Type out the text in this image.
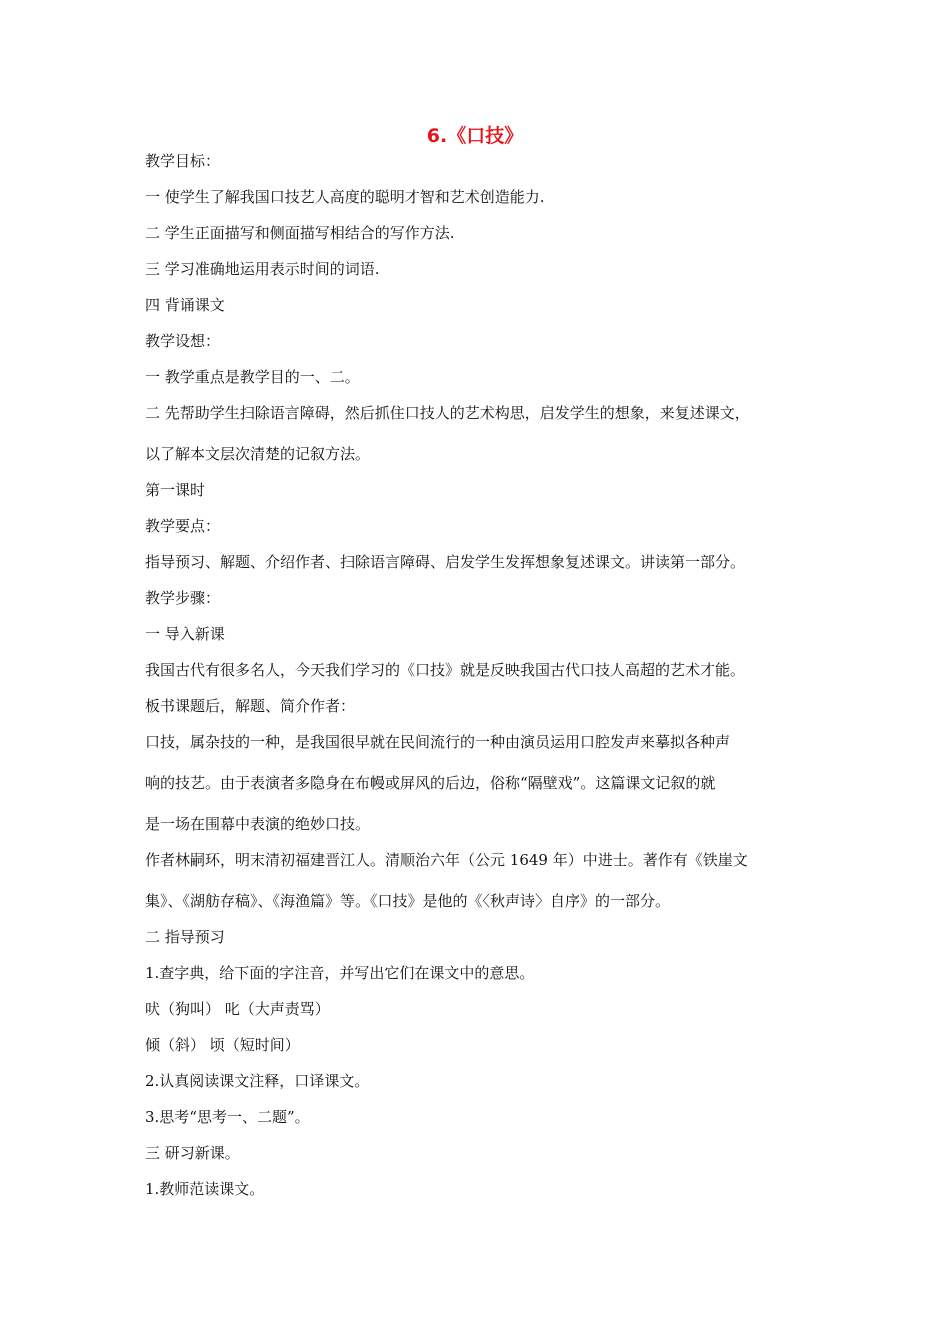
6.《口技》

教学目标：

一 使学生了解我国口技艺人高度的聪明才智和艺术创造能力.

二 学生正面描写和侧面描写相结合的写作方法.

三 学习准确地运用表示时间的词语.

四 背诵课文

教学设想：

一 教学重点是教学目的一、二。

二 先帮助学生扫除语言障碍，然后抓住口技人的艺术构思，启发学生的想象，来复述课文，

以了解本文层次清楚的记叙方法。

第一课时

教学要点：

指导预习、解题、介绍作者、扫除语言障碍、启发学生发挥想象复述课文。讲读第一部分。

教学步骤：

一 导入新课

我国古代有很多名人，今天我们学习的《口技》就是反映我国古代口技人高超的艺术才能。

板书课题后，解题、简介作者：

口技，属杂技的一种，是我国很早就在民间流行的一种由演员运用口腔发声来摹拟各种声

响的技艺。由于表演者多隐身在布幔或屏风的后边，俗称“隔壁戏”。这篇课文记叙的就

是一场在围幕中表演的绝妙口技。

作者林嗣环，明末清初福建晋江人。清顺治六年（公元 1649 年）中进士。著作有《铁崖文

集》、《湖舫存稿》、《海渔篇》等。《口技》是他的《〈秋声诗〉自序》的一部分。

二 指导预习

1.查字典，给下面的字注音，并写出它们在课文中的意思。

吠（狗叫） 叱（大声责骂）

倾（斜） 顷（短时间）

2.认真阅读课文注释，口译课文。

3.思考“思考一、二题”。

三 研习新课。

1.教师范读课文。
